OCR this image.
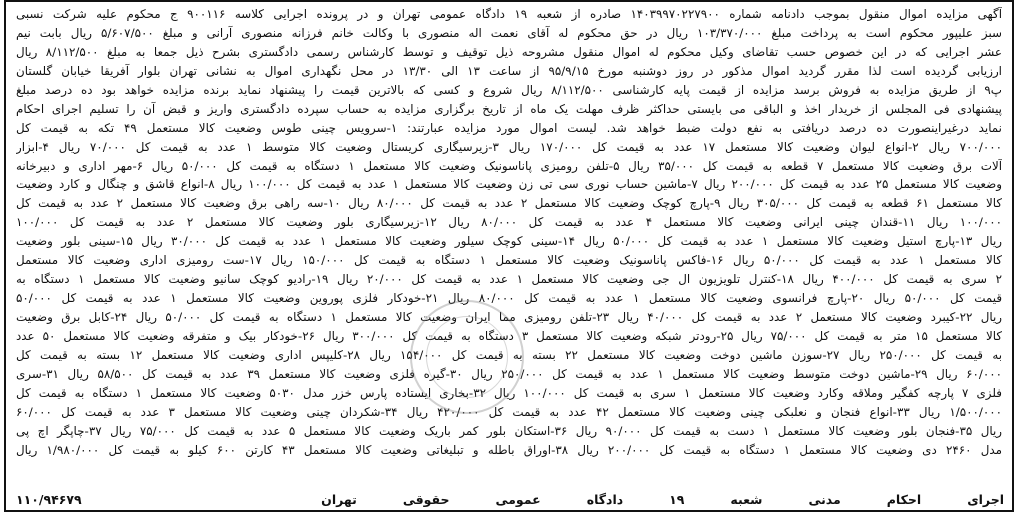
آگهی مزایده اموال منقول بموجب دادنامه شماره ۱۴۰۳۹۹۷۰۲۲۷۹۰۰ صادره از شعبه ۱۹ دادگاه عمومی تهران و در پرونده اجرایی کلاسه ۹۰۰۱۱۶ ج محکوم علیه شرکت نسبی
سبز علیپور محکوم است به پرداخت مبلغ ۱۰۳/۳۷۰/۰۰۰ ریال در حق محکوم له آقای نعمت اله منصوری با وکالت خانم فرزانه منصوری آرانی و مبلغ ۵/۶۰۷/۵۰۰ ریال بابت نیم
عشر اجرایی که در این خصوص حسب تقاضای وکیل محکوم له اموال منقول مشروحه ذیل توقیف و توسط کارشناس رسمی دادگستری بشرح ذیل جمعا به مبلغ ۸/۱۱۲/۵۰۰ ریال
ارزیابی گردیده است لذا مقرر گردید اموال مذکور در روز دوشنبه مورخ ۹۵/۹/۱۵ از ساعت ۱۳ الی ۱۳/۳۰ در محل نگهداری اموال به نشانی تهران بلوار آفریقا خیابان گلستان
پ۹ از طریق مزایده به فروش برسد مزایده از قیمت پایه کارشناسی ۸/۱۱۲/۵۰۰ ریال شروع و کسی که بالاترین قیمت را پیشنهاد نماید برنده مزایده خواهد بود ده درصد مبلغ
پیشنهادی فی المجلس از خریدار اخذ و الباقی می بایستی حداکثر ظرف مهلت یک ماه از تاریخ برگزاری مزایده به حساب سپرده دادگستری واریز و قبض آن را تسلیم اجرای احکام
نماید درغیراینصورت ده درصد دریافتی به نفع دولت ضبط خواهد شد. لیست اموال مورد مزایده عبارتند: ۱-سرویس چینی طوس وضعیت کالا مستعمل ۴۹ تکه به قیمت کل
۷۰۰/۰۰۰ ریال ۲-انواع لیوان وضعیت کالا مستعمل ۱۷ عدد به قیمت کل ۱۷۰/۰۰۰ ریال ۳-زیرسیگاری کریستال وضعیت کالا متوسط ۱ عدد به قیمت کل ۷۰/۰۰۰ ریال ۴-ابزار
آلات برق وضعیت کالا مستعمل ۷ قطعه به قیمت کل ۳۵/۰۰۰ ریال ۵-تلفن رومیزی پاناسونیک وضعیت کالا مستعمل ۱ دستگاه به قیمت کل ۵۰/۰۰۰ ریال ۶-مهر اداری و دبیرخانه
وضعیت کالا مستعمل ۲۵ عدد به قیمت کل ۲۰۰/۰۰۰ ریال ۷-ماشین حساب نوری سی تی زن وضعیت کالا مستعمل ۱ عدد به قیمت کل ۱۰۰/۰۰۰ ریال ۸-انواع قاشق و چنگال و کارد وضعیت
کالا مستعمل ۶۱ قطعه به قیمت کل ۳۰۵/۰۰۰ ریال ۹-پارچ کوچک وضعیت کالا مستعمل ۲ عدد به قیمت کل ۸۰/۰۰۰ ریال ۱۰-سه راهی برق وضعیت کالا مستعمل ۲ عدد به قیمت کل
۱۰۰/۰۰۰ ریال ۱۱-قندان چینی ایرانی وضعیت کالا مستعمل ۴ عدد به قیمت کل ۸۰/۰۰۰ ریال ۱۲-زیرسیگاری بلور وضعیت کالا مستعمل ۲ عدد به قیمت کل ۱۰۰/۰۰۰
ریال ۱۳-پارچ استیل وضعیت کالا مستعمل ۱ عدد به قیمت کل ۵۰/۰۰۰ ریال ۱۴-سینی کوچک سیلور وضعیت کالا مستعمل ۱ عدد به قیمت کل ۳۰/۰۰۰ ریال ۱۵-سینی بلور وضعیت
کالا مستعمل ۱ عدد به قیمت کل ۵۰/۰۰۰ ریال ۱۶-فاکس پاناسونیک وضعیت کالا مستعمل ۱ دستگاه به قیمت کل ۱۵۰/۰۰۰ ریال ۱۷-ست رومیزی اداری وضعیت کالا مستعمل
۲ سری به قیمت کل ۴۰۰/۰۰۰ ریال ۱۸-کنترل تلویزیون ال جی وضعیت کالا مستعمل ۱ عدد به قیمت کل ۲۰/۰۰۰ ریال ۱۹-رادیو کوچک سانیو وضعیت کالا مستعمل ۱ دستگاه به
قیمت کل ۵۰/۰۰۰ ریال ۲۰-پارچ فرانسوی وضعیت کالا مستعمل ۱ عدد به قیمت کل ۸۰/۰۰۰ ریال ۲۱-خودکار فلزی پوروین وضعیت کالا مستعمل ۱ عدد به قیمت کل ۵۰/۰۰۰
ریال ۲۲-کیبرد وضعیت کالا مستعمل ۲ عدد به قیمت کل ۴۰/۰۰۰ ریال ۲۳-تلفن رومیزی مما ایران وضعیت کالا مستعمل ۱ دستگاه به قیمت کل ۵۰/۰۰۰ ریال ۲۴-کابل برق وضعیت
کالا مستعمل ۱۵ متر به قیمت کل ۷۵/۰۰۰ ریال ۲۵-رودتر شبکه وضعیت کالا مستعمل ۳ دستگاه به قیمت کل ۳۰۰/۰۰۰ ریال ۲۶-خودکار بیک و متفرقه وضعیت کالا مستعمل ۵۰ عدد
به قیمت کل ۲۵۰/۰۰۰ ریال ۲۷-سوزن ماشین دوخت وضعیت کالا مستعمل ۲۲ بسته به قیمت کل ۱۵۴/۰۰۰ ریال ۲۸-کلیپس اداری وضعیت کالا مستعمل ۱۲ بسته به قیمت کل
۶۰/۰۰۰ ریال ۲۹-ماشین دوخت متوسط وضعیت کالا مستعمل ۱ عدد به قیمت کل ۲۵۰/۰۰۰ ریال ۳۰-گیره فلزی وضعیت کالا مستعمل ۳۹ عدد به قیمت کل ۵۸/۵۰۰ ریال ۳۱-سری
فلزی ۷ پارچه کفگیر وملاقه وکارد وضعیت کالا مستعمل ۱ سری به قیمت کل ۱۰۰/۰۰۰ ریال ۳۲-بخاری ایستاده پارس خزر مدل ۵۰۳۰ وضعیت کالا مستعمل ۱ دستگاه به قیمت کل
۱/۵۰۰/۰۰۰ ریال ۳۳-انواع فنجان و نعلبکی چینی وضعیت کالا مستعمل ۴۲ عدد به قیمت کل ۴۲۰/۰۰۰ ریال ۳۴-شکردان چینی وضعیت کالا مستعمل ۳ عدد به قیمت کل ۶۰/۰۰۰
ریال ۳۵-فنجان بلور وضعیت کالا مستعمل ۱ دست به قیمت کل ۹۰/۰۰۰ ریال ۳۶-استکان بلور کمر باریک وضعیت کالا مستعمل ۵ عدد به قیمت کل ۷۵/۰۰۰ ریال ۳۷-چاپگر اچ پی
مدل ۲۴۶۰ دی وضعیت کالا مستعمل ۱ دستگاه به قیمت کل ۲۰۰/۰۰۰ ریال ۳۸-اوراق باطله و تبلیغاتی وضعیت کالا مستعمل ۴۳ کارتن ۶۰۰ کیلو به قیمت کل ۱/۹۸۰/۰۰۰ ریال
اجرای
احکام
مدنی
شعبه
۱۹
دادگاه
عمومی
حقوقی
تهران
۱۱۰/۹۴۶۷۹
